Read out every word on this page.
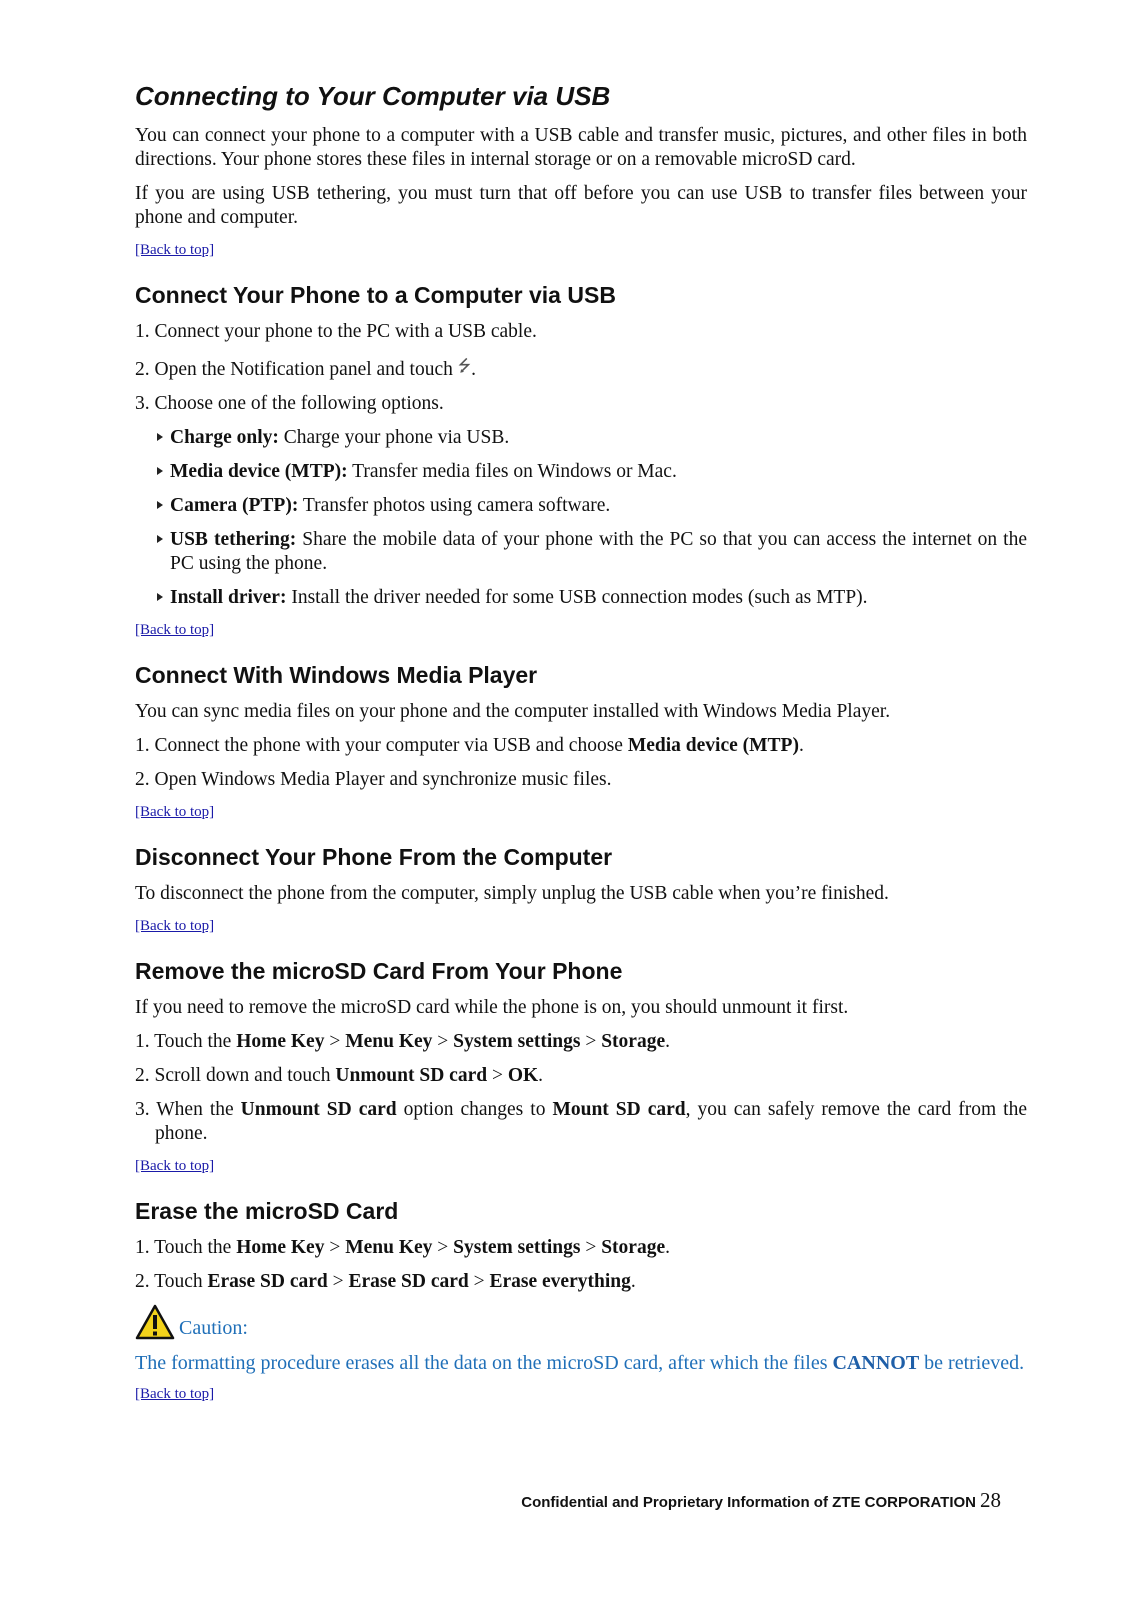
Connecting to Your Computer via USB

You can connect your phone to a computer with a USB cable and transfer music, pictures, and other files in both directions. Your phone stores these files in internal storage or on a removable microSD card.

If you are using USB tethering, you must turn that off before you can use USB to transfer files between your phone and computer.

[Back to top]
Connect Your Phone to a Computer via USB
1. Connect your phone to the PC with a USB cable.
2. Open the Notification panel and touch ⭍.
3. Choose one of the following options.
Charge only: Charge your phone via USB.
Media device (MTP): Transfer media files on Windows or Mac.
Camera (PTP): Transfer photos using camera software.
USB tethering: Share the mobile data of your phone with the PC so that you can access the internet on the PC using the phone.
Install driver: Install the driver needed for some USB connection modes (such as MTP).
[Back to top]
Connect With Windows Media Player

You can sync media files on your phone and the computer installed with Windows Media Player.

1. Connect the phone with your computer via USB and choose Media device (MTP).
2. Open Windows Media Player and synchronize music files.
[Back to top]
Disconnect Your Phone From the Computer

To disconnect the phone from the computer, simply unplug the USB cable when you’re finished.

[Back to top]
Remove the microSD Card From Your Phone

If you need to remove the microSD card while the phone is on, you should unmount it first.

1. Touch the Home Key > Menu Key > System settings > Storage.
2. Scroll down and touch Unmount SD card > OK.
3. When the Unmount SD card option changes to Mount SD card, you can safely remove the card from the phone.
[Back to top]
Erase the microSD Card
1. Touch the Home Key > Menu Key > System settings > Storage.
2. Touch Erase SD card > Erase SD card > Erase everything.
Caution:
The formatting procedure erases all the data on the microSD card, after which the files CANNOT be retrieved.
[Back to top]
Confidential and Proprietary Information of ZTE CORPORATION 28
